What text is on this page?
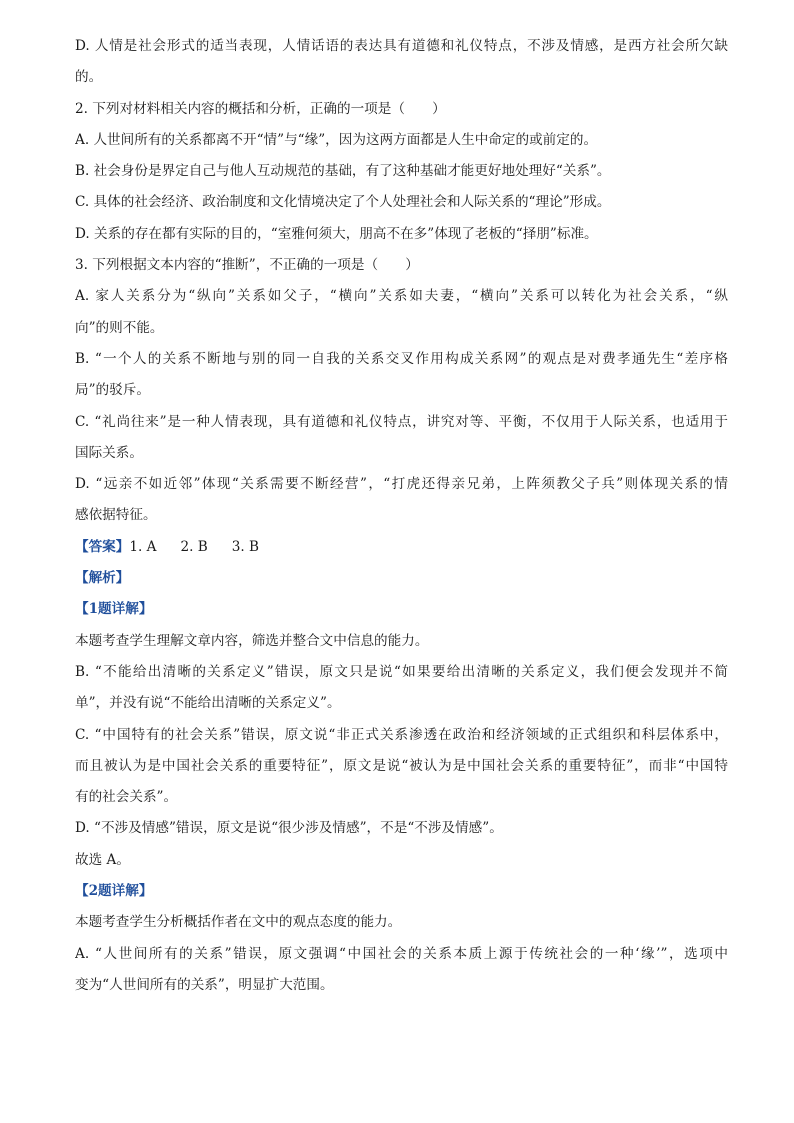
D. 人情是社会形式的适当表现，人情话语的表达具有道德和礼仪特点，不涉及情感，是西方社会所欠缺
的。
2. 下列对材料相关内容的概括和分析，正确的一项是（　　）
A. 人世间所有的关系都离不开“情”与“缘”，因为这两方面都是人生中命定的或前定的。
B. 社会身份是界定自己与他人互动规范的基础，有了这种基础才能更好地处理好“关系”。
C. 具体的社会经济、政治制度和文化情境决定了个人处理社会和人际关系的“理论”形成。
D. 关系的存在都有实际的目的，“室雅何须大，朋高不在多”体现了老板的“择朋”标准。
3. 下列根据文本内容的“推断”，不正确的一项是（　　）
A. 家人关系分为“纵向”关系如父子，“横向”关系如夫妻，“横向”关系可以转化为社会关系，“纵
向”的则不能。
B. “一个人的关系不断地与别的同一自我的关系交叉作用构成关系网”的观点是对费孝通先生“差序格
局”的驳斥。
C. “礼尚往来”是一种人情表现，具有道德和礼仪特点，讲究对等、平衡，不仅用于人际关系，也适用于
国际关系。
D. “远亲不如近邻”体现“关系需要不断经营”，“打虎还得亲兄弟，上阵须教父子兵”则体现关系的情
感依据特征。
【答案】1. A 2. B 3. B
【解析】
【1题详解】
本题考查学生理解文章内容，筛选并整合文中信息的能力。
B. “不能给出清晰的关系定义”错误，原文只是说“如果要给出清晰的关系定义，我们便会发现并不简
单”，并没有说“不能给出清晰的关系定义”。
C. “中国特有的社会关系”错误，原文说“非正式关系渗透在政治和经济领域的正式组织和科层体系中，
而且被认为是中国社会关系的重要特征”，原文是说“被认为是中国社会关系的重要特征”，而非“中国特
有的社会关系”。
D. “不涉及情感”错误，原文是说“很少涉及情感”，不是“不涉及情感”。
故选 A。
【2题详解】
本题考查学生分析概括作者在文中的观点态度的能力。
A. “人世间所有的关系”错误，原文强调“中国社会的关系本质上源于传统社会的一种‘缘’”，选项中
变为“人世间所有的关系”，明显扩大范围。
